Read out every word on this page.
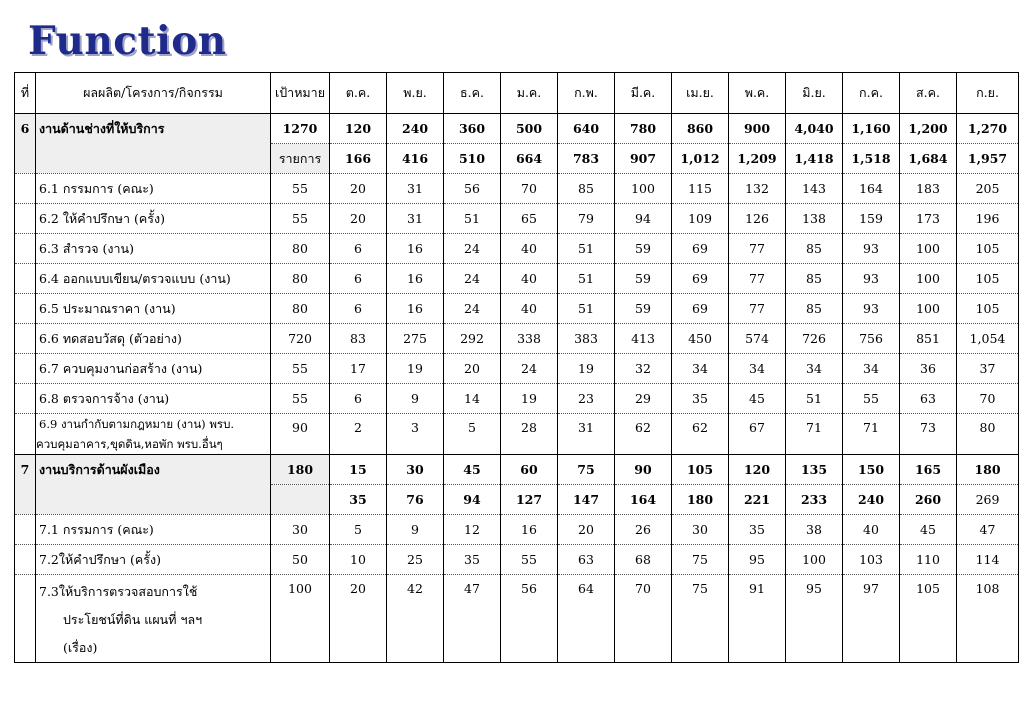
Function
ที่	ผลผลิต/โครงการ/กิจกรรม	เป้าหมาย	ต.ค.	พ.ย.	ธ.ค.	ม.ค.	ก.พ.	มี.ค.	เม.ย.	พ.ค.	มิ.ย.	ก.ค.	ส.ค.	ก.ย.
6	งานด้านช่างที่ให้บริการ	1270	120	240	360	500	640	780	860	900	4,040	1,160	1,200	1,270
		รายการ	166	416	510	664	783	907	1,012	1,209	1,418	1,518	1,684	1,957
	6.1 กรรมการ (คณะ)	55	20	31	56	70	85	100	115	132	143	164	183	205
	6.2 ให้คำปรึกษา (ครั้ง)	55	20	31	51	65	79	94	109	126	138	159	173	196
	6.3 สำรวจ (งาน)	80	6	16	24	40	51	59	69	77	85	93	100	105
	6.4 ออกแบบเขียน/ตรวจแบบ (งาน)	80	6	16	24	40	51	59	69	77	85	93	100	105
	6.5 ประมาณราคา (งาน)	80	6	16	24	40	51	59	69	77	85	93	100	105
	6.6 ทดสอบวัสดุ (ตัวอย่าง)	720	83	275	292	338	383	413	450	574	726	756	851	1,054
	6.7 ควบคุมงานก่อสร้าง (งาน)	55	17	19	20	24	19	32	34	34	34	34	36	37
	6.8 ตรวจการจ้าง (งาน)	55	6	9	14	19	23	29	35	45	51	55	63	70

	6.9 งานกำกับตามกฎหมาย (งาน) พรบ.
ควบคุมอาคาร,ขุดดิน,หอพัก พรบ.อื่นๆ	90	2	3	5	28	31	62	62	67	71	71	73	80
7	งานบริการด้านผังเมือง	180	15	30	45	60	75	90	105	120	135	150	165	180
			35	76	94	127	147	164	180	221	233	240	260	269
	7.1 กรรมการ (คณะ)	30	5	9	12	16	20	26	30	35	38	40	45	47
	7.2ให้คำปรึกษา (ครั้ง)	50	10	25	35	55	63	68	75	95	100	103	110	114

	7.3ให้บริการตรวจสอบการใช้
ประโยชน์ที่ดิน แผนที่ ฯลฯ
(เรื่อง)	100	20	42	47	56	64	70	75	91	95	97	105	108
